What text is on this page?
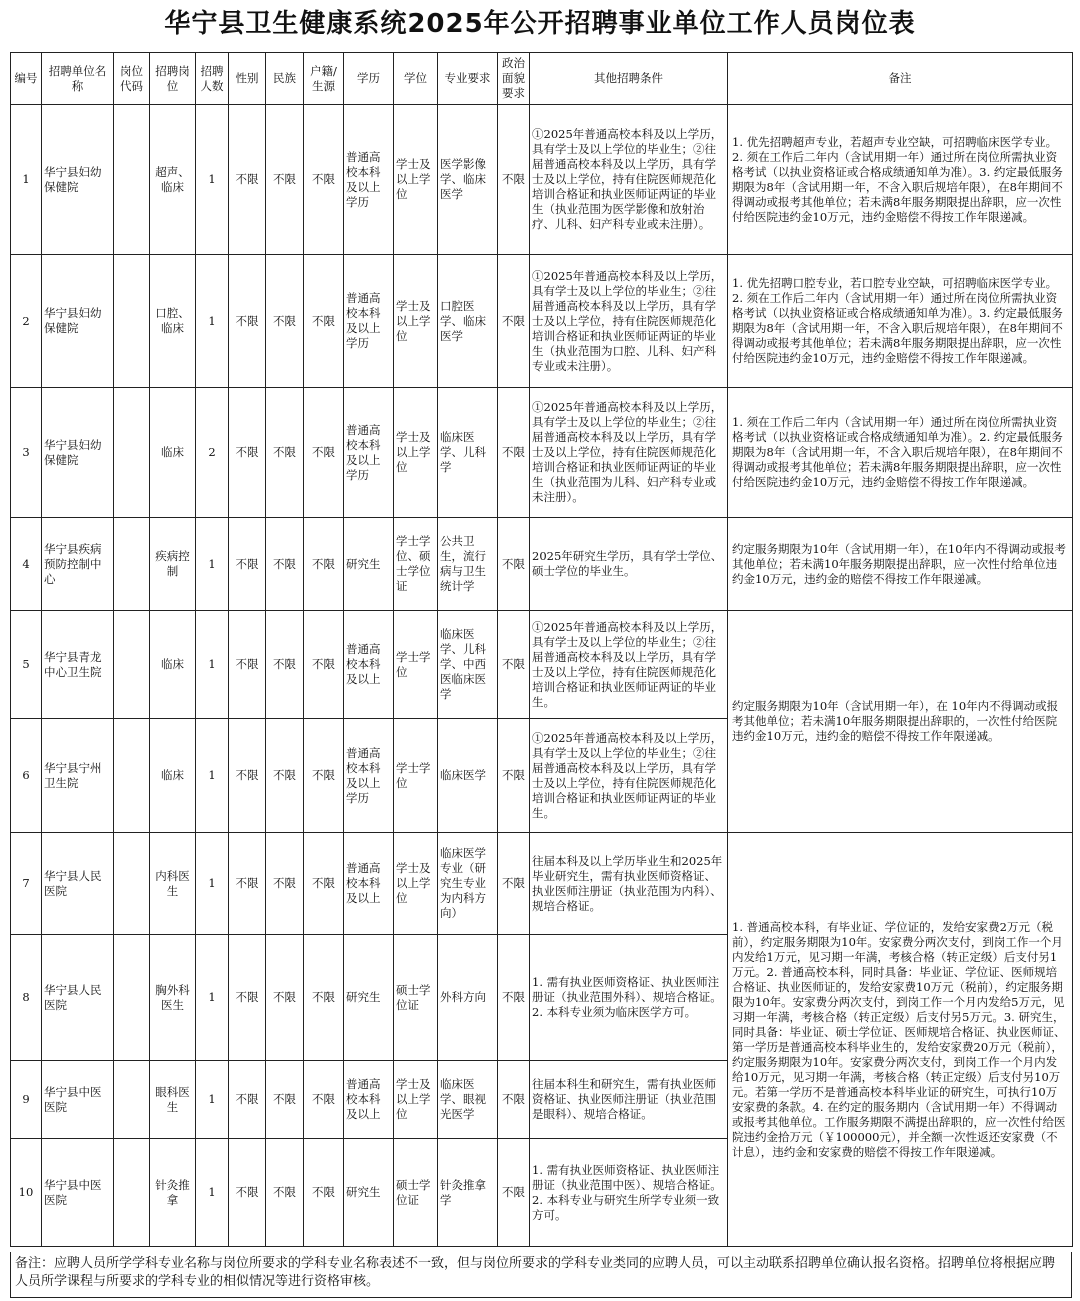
华宁县卫生健康系统2025年公开招聘事业单位工作人员岗位表
编号	招聘单位名称	岗位代码	招聘岗位	招聘人数	性别	民族	户籍/生源	学历	学位	专业要求	政治面貌要求	其他招聘条件	备注
1	华宁县妇幼保健院		超声、临床	1	不限	不限	不限	普通高校本科及以上学历	学士及以上学位	医学影像学、临床医学	不限	①2025年普通高校本科及以上学历，具有学士及以上学位的毕业生；②往届普通高校本科及以上学历，具有学士及以上学位，持有住院医师规范化培训合格证和执业医师证两证的毕业生（执业范围为医学影像和放射治疗、儿科、妇产科专业或未注册）。	1. 优先招聘超声专业，若超声专业空缺，可招聘临床医学专业。2. 须在工作后二年内（含试用期一年）通过所在岗位所需执业资格考试（以执业资格证或合格成绩通知单为准）。3. 约定最低服务期限为8年（含试用期一年，不含入职后规培年限），在8年期间不得调动或报考其他单位；若未满8年服务期限提出辞职，应一次性付给医院违约金10万元，违约金赔偿不得按工作年限递减。
2	华宁县妇幼保健院		口腔、临床	1	不限	不限	不限	普通高校本科及以上学历	学士及以上学位	口腔医学、临床医学	不限	①2025年普通高校本科及以上学历，具有学士及以上学位的毕业生；②往届普通高校本科及以上学历，具有学士及以上学位，持有住院医师规范化培训合格证和执业医师证两证的毕业生（执业范围为口腔、儿科、妇产科专业或未注册）。	1. 优先招聘口腔专业，若口腔专业空缺，可招聘临床医学专业。2. 须在工作后二年内（含试用期一年）通过所在岗位所需执业资格考试（以执业资格证或合格成绩通知单为准）。3. 约定最低服务期限为8年（含试用期一年，不含入职后规培年限），在8年期间不得调动或报考其他单位；若未满8年服务期限提出辞职，应一次性付给医院违约金10万元，违约金赔偿不得按工作年限递减。
3	华宁县妇幼保健院		临床	2	不限	不限	不限	普通高校本科及以上学历	学士及以上学位	临床医学、儿科学	不限	①2025年普通高校本科及以上学历，具有学士及以上学位的毕业生；②往届普通高校本科及以上学历，具有学士及以上学位，持有住院医师规范化培训合格证和执业医师证两证的毕业生（执业范围为儿科、妇产科专业或未注册）。	1. 须在工作后二年内（含试用期一年）通过所在岗位所需执业资格考试（以执业资格证或合格成绩通知单为准）。2. 约定最低服务期限为8年（含试用期一年，不含入职后规培年限），在8年期间不得调动或报考其他单位；若未满8年服务期限提出辞职，应一次性付给医院违约金10万元，违约金赔偿不得按工作年限递减。
4	华宁县疾病预防控制中心		疾病控制	1	不限	不限	不限	研究生	学士学位、硕士学位证	公共卫生，流行病与卫生统计学	不限	2025年研究生学历，具有学士学位、硕士学位的毕业生。	约定服务期限为10年（含试用期一年），在10年内不得调动或报考其他单位；若未满10年服务期限提出辞职，应一次性付给单位违约金10万元，违约金的赔偿不得按工作年限递减。
5	华宁县青龙中心卫生院		临床	1	不限	不限	不限	普通高校本科及以上	学士学位	临床医学、儿科学、中西医临床医学	不限	①2025年普通高校本科及以上学历，具有学士及以上学位的毕业生；②往届普通高校本科及以上学历，具有学士及以上学位，持有住院医师规范化培训合格证和执业医师证两证的毕业生。	约定服务期限为10年（含试用期一年），在 10年内不得调动或报考其他单位；若未满10年服务期限提出辞职的，一次性付给医院违约金10万元，违约金的赔偿不得按工作年限递减。
6	华宁县宁州卫生院		临床	1	不限	不限	不限	普通高校本科及以上学历	学士学位	临床医学	不限	①2025年普通高校本科及以上学历，具有学士及以上学位的毕业生；②往届普通高校本科及以上学历，具有学士及以上学位，持有住院医师规范化培训合格证和执业医师证两证的毕业生。	
7	华宁县人民医院		内科医生	1	不限	不限	不限	普通高校本科及以上	学士及以上学位	临床医学专业（研究生专业为内科方向）	不限	往届本科及以上学历毕业生和2025年毕业研究生，需有执业医师资格证、执业医师注册证（执业范围为内科）、规培合格证。	1. 普通高校本科，有毕业证、学位证的，发给安家费2万元（税前），约定服务期限为10年。安家费分两次支付，到岗工作一个月内发给1万元，见习期一年满，考核合格（转正定级）后支付另1万元。2. 普通高校本科，同时具备：毕业证、学位证、医师规培合格证、执业医师证的，发给安家费10万元（税前），约定服务期限为10年。安家费分两次支付，到岗工作一个月内发给5万元，见习期一年满，考核合格（转正定级）后支付另5万元。3. 研究生，同时具备：毕业证、硕士学位证、医师规培合格证、执业医师证、第一学历是普通高校本科毕业生的，发给安家费20万元（税前），约定服务期限为10年。安家费分两次支付，到岗工作一个月内发给10万元，见习期一年满，考核合格（转正定级）后支付另10万元。若第一学历不是普通高校本科毕业证的研究生，可执行10万安家费的条款。4. 在约定的服务期内（含试用期一年）不得调动或报考其他单位。工作服务期限不满提出辞职的，应一次性付给医院违约金拾万元（￥100000元），并全额一次性返还安家费（不计息），违约金和安家费的赔偿不得按工作年限递减。
8	华宁县人民医院		胸外科医生	1	不限	不限	不限	研究生	硕士学位证	外科方向	不限	1. 需有执业医师资格证、执业医师注册证（执业范围外科）、规培合格证。2. 本科专业须为临床医学方可。	
9	华宁县中医医院		眼科医生	1	不限	不限	不限	普通高校本科及以上	学士及以上学位	临床医学、眼视光医学	不限	往届本科生和研究生，需有执业医师资格证、执业医师注册证（执业范围是眼科）、规培合格证。	
10	华宁县中医医院		针灸推拿	1	不限	不限	不限	研究生	硕士学位证	针灸推拿学	不限	1. 需有执业医师资格证、执业医师注册证（执业范围中医）、规培合格证。2. 本科专业与研究生所学专业须一致方可。	
备注：应聘人员所学学科专业名称与岗位所要求的学科专业名称表述不一致，但与岗位所要求的学科专业类同的应聘人员，可以主动联系招聘单位确认报名资格。招聘单位将根据应聘人员所学课程与所要求的学科专业的相似情况等进行资格审核。
